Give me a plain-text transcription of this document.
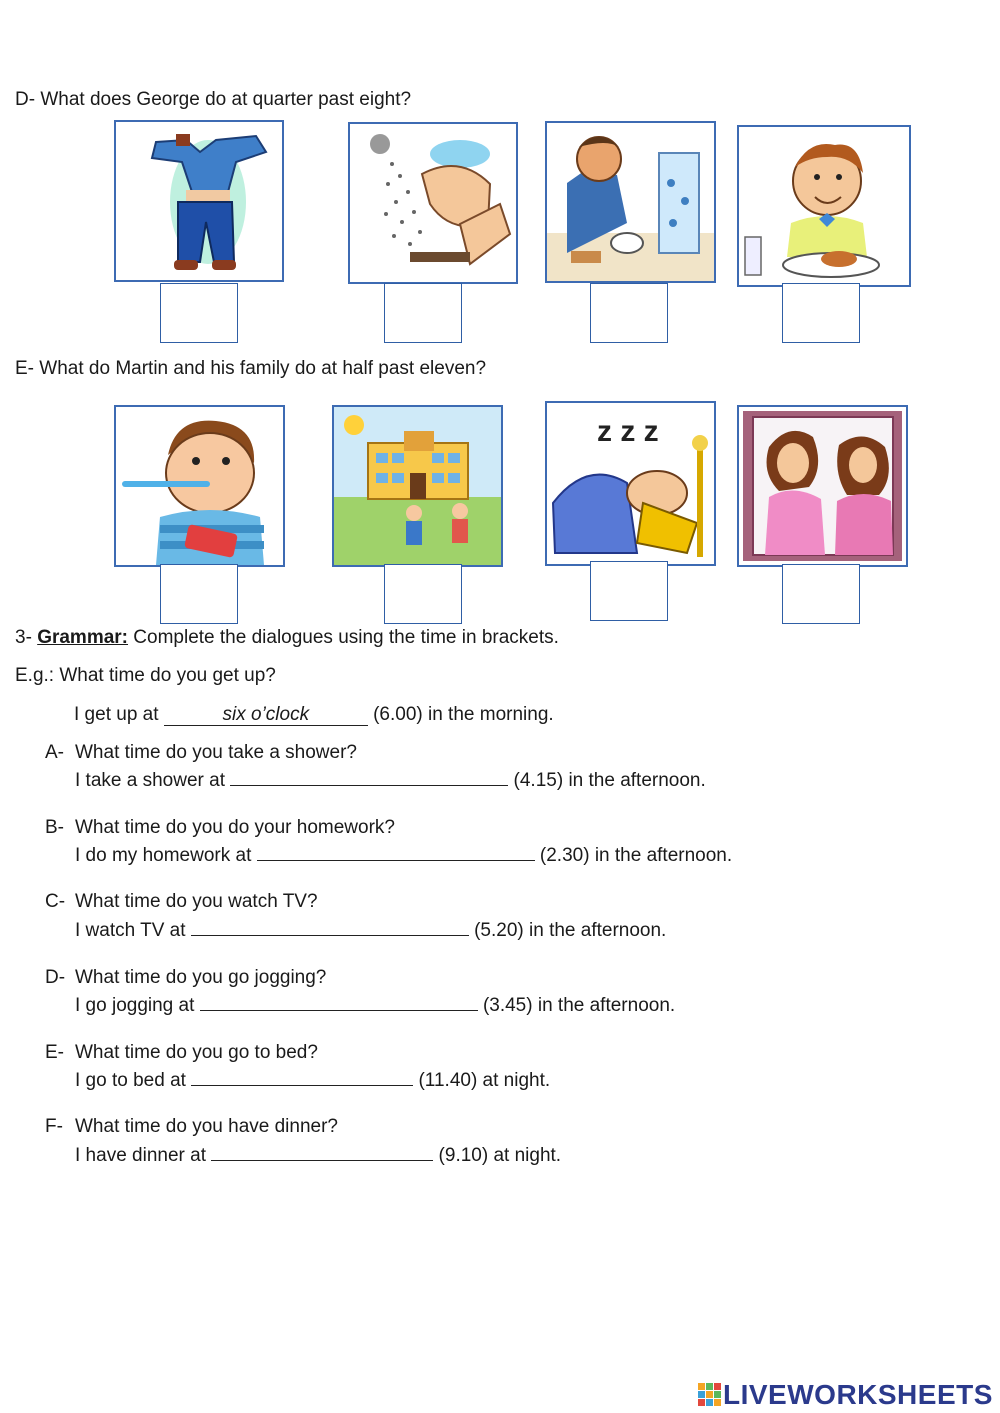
D- What does George do at quarter past eight?
E- What do Martin and his family do at half past eleven?
z z z
3- Grammar: Complete the dialogues using the time in brackets.
E.g.: What time do you get up?
I get up at	six o’clock	(6.00) in the morning.
A- What time do you take a shower?
I take a shower at	(4.15) in the afternoon.
B- What time do you do your homework?
I do my homework at	(2.30) in the afternoon.
C- What time do you watch TV?
I watch TV at	(5.20) in the afternoon.
D- What time do you go jogging?
I go jogging at	(3.45) in the afternoon.
E- What time do you go to bed?
I go to bed at	(11.40) at night.
F- What time do you have dinner?
I have dinner at	(9.10) at night.
LIVEWORKSHEETS
